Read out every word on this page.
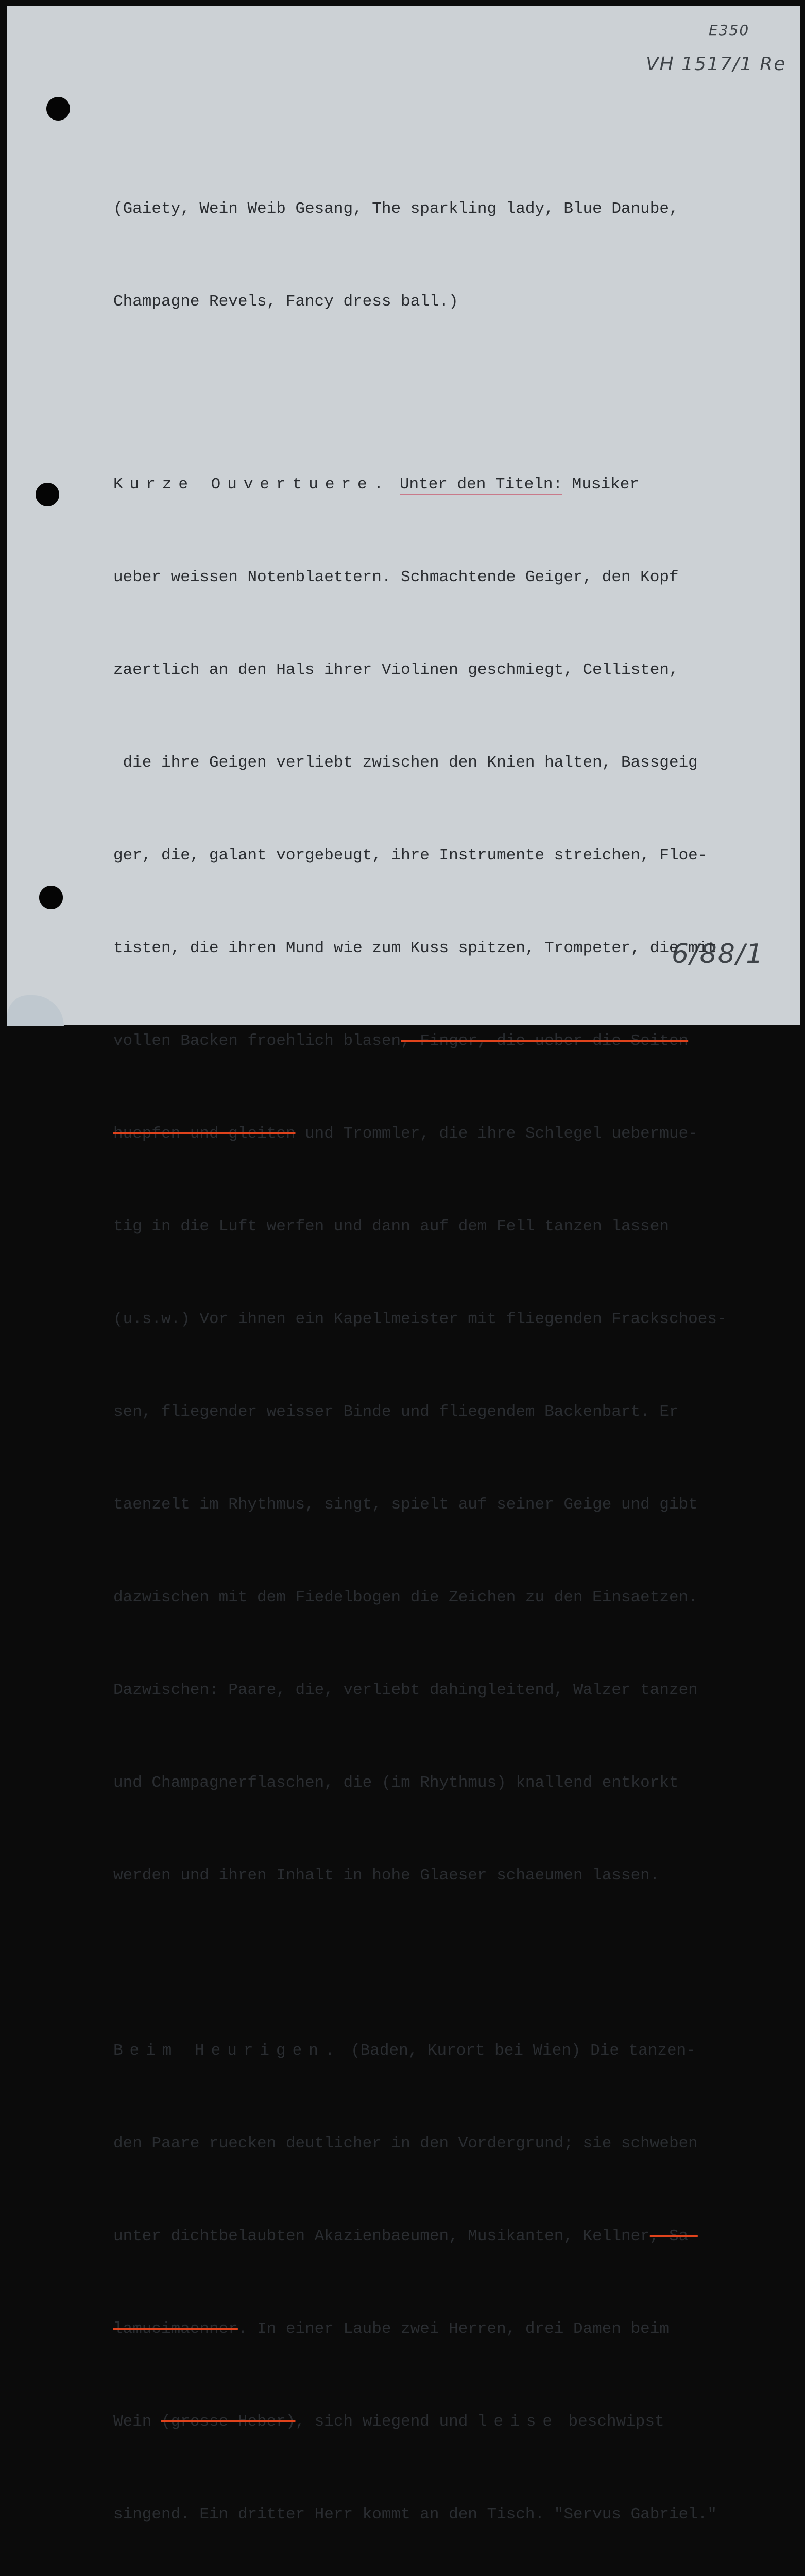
E350
VH 1517/1 Re
6/88/1

(Gaiety, Wein Weib Gesang, The sparkling lady, Blue Danube,

Champagne Revels, Fancy dress ball.)

Kurze Ouvertuere. Unter den Titeln: Musiker

ueber weissen Notenblaettern. Schmachtende Geiger, den Kopf

zaertlich an den Hals ihrer Violinen geschmiegt, Cellisten,

die ihre Geigen verliebt zwischen den Knien halten, Bassgeig

ger, die, galant vorgebeugt, ihre Instrumente streichen, Floe-

tisten, die ihren Mund wie zum Kuss spitzen, Trompeter, die mit

vollen Backen froehlich blasen, Finger, die ueber die Seiten

huepfen und gleiten und Trommler, die ihre Schlegel uebermue-

tig in die Luft werfen und dann auf dem Fell tanzen lassen

(u.s.w.) Vor ihnen ein Kapellmeister mit fliegenden Frackschoes-

sen, fliegender weisser Binde und fliegendem Backenbart. Er

taenzelt im Rhythmus, singt, spielt auf seiner Geige und gibt

dazwischen mit dem Fiedelbogen die Zeichen zu den Einsaetzen.

Dazwischen: Paare, die, verliebt dahingleitend, Walzer tanzen

und Champagnerflaschen, die (im Rhythmus) knallend entkorkt

werden und ihren Inhalt in hohe Glaeser schaeumen lassen.

Beim Heurigen. (Baden, Kurort bei Wien) Die tanzen-

den Paare ruecken deutlicher in den Vordergrund; sie schweben

unter dichtbelaubten Akazienbaeumen, Musikanten, Kellner, Sa-

lamucimaenner. In einer Laube zwei Herren, drei Damen beim

Wein (grosse Heber), sich wiegend und leise beschwipst

singend. Ein dritter Herr kommt an den Tisch. "Servus Gabriel."
